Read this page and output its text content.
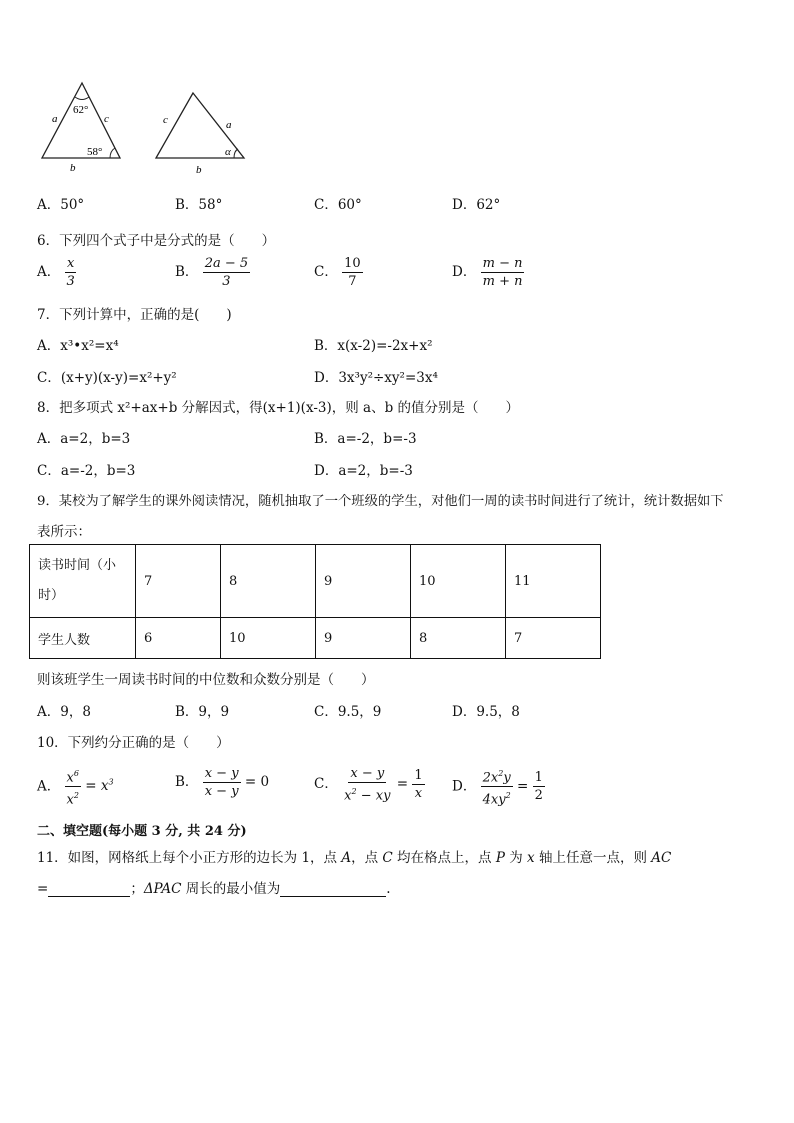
62°
58°
a	c
b
c	a
α
b
A．50°	B．58°	C．60°	D．62°
6．下列四个式子中是分式的是（　　）
A． $\frac{x}{3}$	B． $\frac{2a - 5}{3}$	C． $\frac{10}{7}$	D． $\frac{m - n}{m + n}$
7．下列计算中，正确的是(　　)
A．x³•x²=x⁴	B．x(x-2)=-2x+x²
C．(x+y)(x-y)=x²+y²	D．3x³y²÷xy²=3x⁴
8．把多项式 x²+ax+b 分解因式，得(x+1)(x-3)，则 a、b 的值分别是（　　）
A．a=2，b=3	B．a=-2，b=-3
C．a=-2，b=3	D．a=2，b=-3
9．某校为了解学生的课外阅读情况，随机抽取了一个班级的学生，对他们一周的读书时间进行了统计，统计数据如下
表所示：
读书时间（小
时）	7	8	9	10	11
学生人数	6	10	9	8	7
则该班学生一周读书时间的中位数和众数分别是（　　）
A．9，8	B．9，9	C．9.5，9	D．9.5，8
10．下列约分正确的是（　　）
A． $\frac{x^6}{x^2} = x^3$	B． $\frac{x - y}{x - y} = 0$	C． $\frac{x - y}{x^2 - xy} = \frac{1}{x}$ D． $\frac{2x^2y}{4xy^2} = \frac{1}{2}$
二、填空题(每小题 3 分, 共 24 分)
11．如图，网格纸上每个小正方形的边长为 1，点 A，点 C 均在格点上，点 P 为 x 轴上任意一点，则 AC
=	；ΔPAC 周长的最小值为	.
